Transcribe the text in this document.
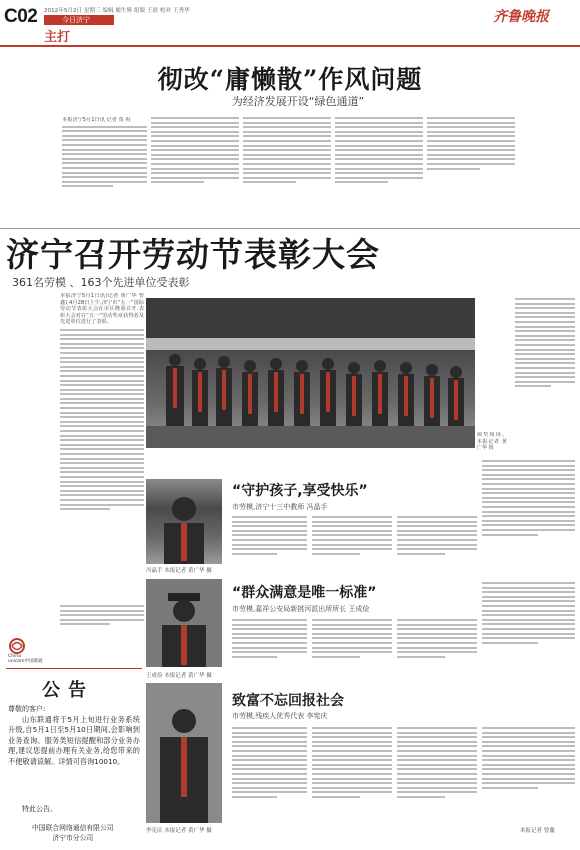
C02 2012年5月2日 星期三 编辑 姬生辉 组版 王晨 校对 王秀华
今日济宁
主打
齐鲁晚报
彻改“庸懒散”作风问题
为经济发展开设“绿色通道”
本报济宁5月1日讯 记者 贾 祝
济宁召开劳动节表彰大会
361名劳模 、163个先进单位受表彰
本报济宁5月1日讯(记者 黄广华 曾鑫) 4月28日上午,济宁市“五一”国际劳动节表彰大会在市区隆重召开,表彰大会对在“五一”劳动奖章获得者及先进单位进行了表彰。
颁奖现场。 本报记者 黄广华 摄
冯晶手 本报记者 黄广华 摄
“守护孩子,享受快乐”
市劳模,济宁十三中教师 冯晶手
王成俭 本报记者 黄广华 摄
“群众满意是唯一标准”
市劳模,嘉祥公安局新挑河派出所所长 王成俭
李宪庆 本报记者 黄广华 摄
致富不忘回报社会
市劳模,残疾人优秀代表 李宪庆
本报记者 曾鑫
China
unicom中国联通
公告
尊敬的客户:
山东联通将于5月上旬进行业务系统升级,自5月1日至5月10日期间,会影响到业务查询、服务类短信提醒和部分业务办理,建议您提前办理有关业务,给您带来的不便敬请谅解。详情可咨询10010。
特此公告。
中国联合网络通信有限公司
济宁市分公司
